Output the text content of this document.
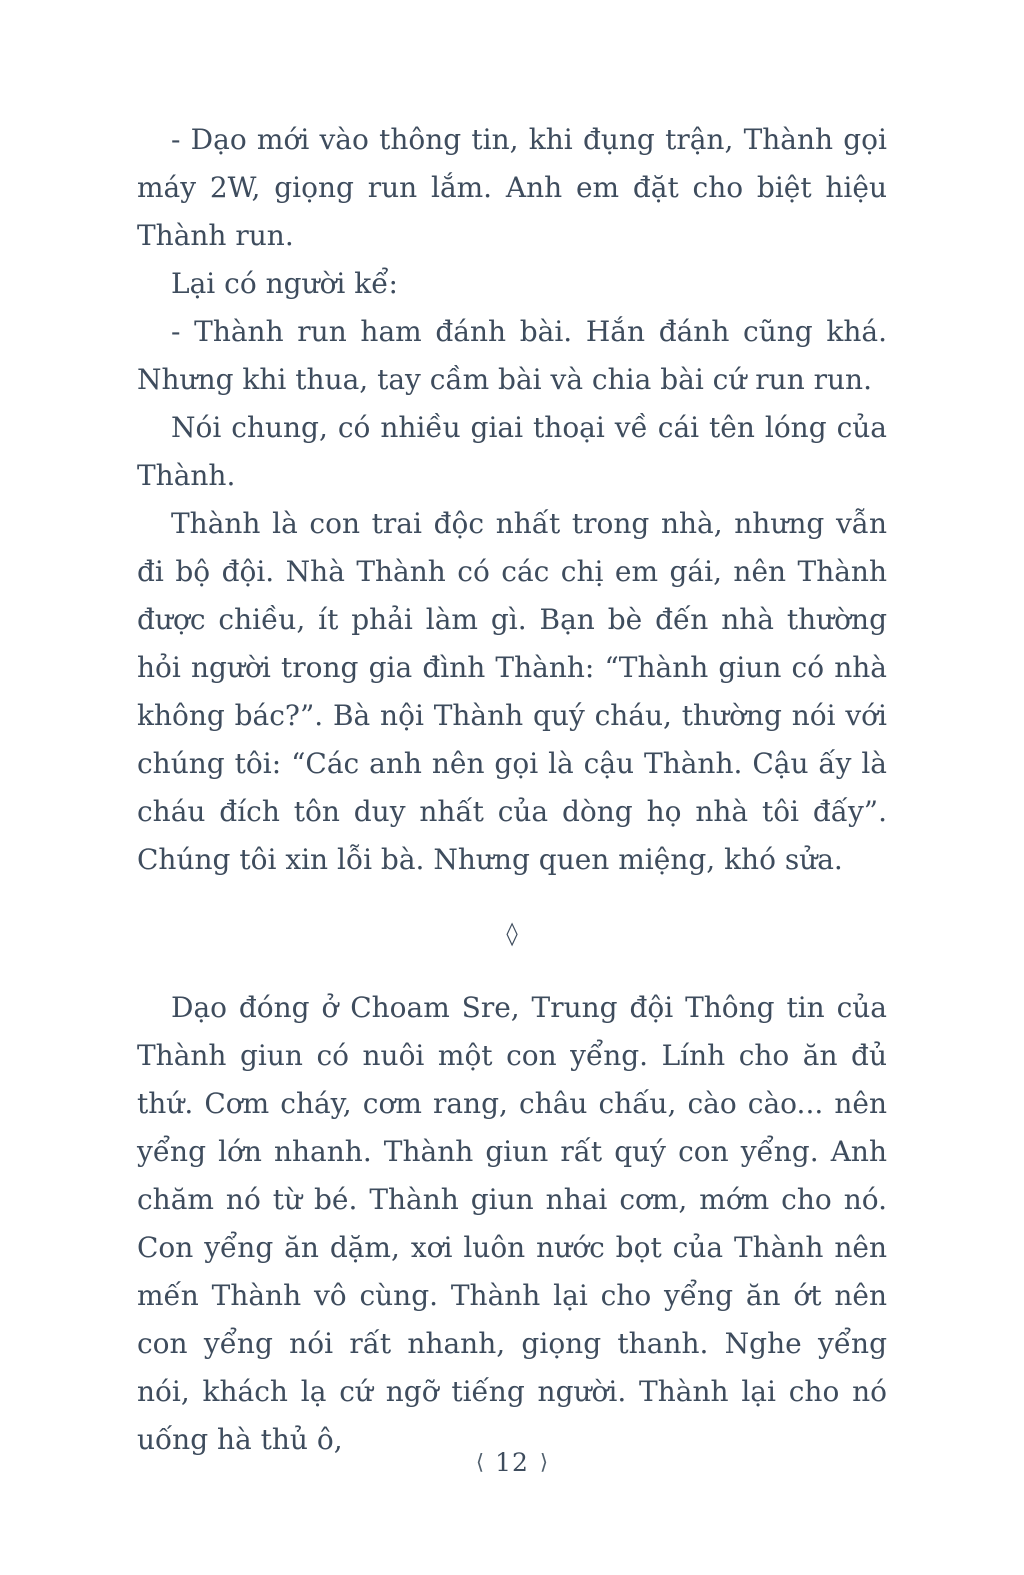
- Dạo mới vào thông tin, khi đụng trận, Thành gọi máy 2W, giọng run lắm. Anh em đặt cho biệt hiệu Thành run.

Lại có người kể:

- Thành run ham đánh bài. Hắn đánh cũng khá. Nhưng khi thua, tay cầm bài và chia bài cứ run run.

Nói chung, có nhiều giai thoại về cái tên lóng của Thành.

Thành là con trai độc nhất trong nhà, nhưng vẫn đi bộ đội. Nhà Thành có các chị em gái, nên Thành được chiều, ít phải làm gì. Bạn bè đến nhà thường hỏi người trong gia đình Thành: “Thành giun có nhà không bác?”. Bà nội Thành quý cháu, thường nói với chúng tôi: “Các anh nên gọi là cậu Thành. Cậu ấy là cháu đích tôn duy nhất của dòng họ nhà tôi đấy”. Chúng tôi xin lỗi bà. Nhưng quen miệng, khó sửa.

◊

Dạo đóng ở Choam Sre, Trung đội Thông tin của Thành giun có nuôi một con yểng. Lính cho ăn đủ thứ. Cơm cháy, cơm rang, châu chấu, cào cào... nên yểng lớn nhanh. Thành giun rất quý con yểng. Anh chăm nó từ bé. Thành giun nhai cơm, mớm cho nó. Con yểng ăn dặm, xơi luôn nước bọt của Thành nên mến Thành vô cùng. Thành lại cho yểng ăn ớt nên con yểng nói rất nhanh, giọng thanh. Nghe yểng nói, khách lạ cứ ngỡ tiếng người. Thành lại cho nó uống hà thủ ô,

⟨ 12 ⟩
